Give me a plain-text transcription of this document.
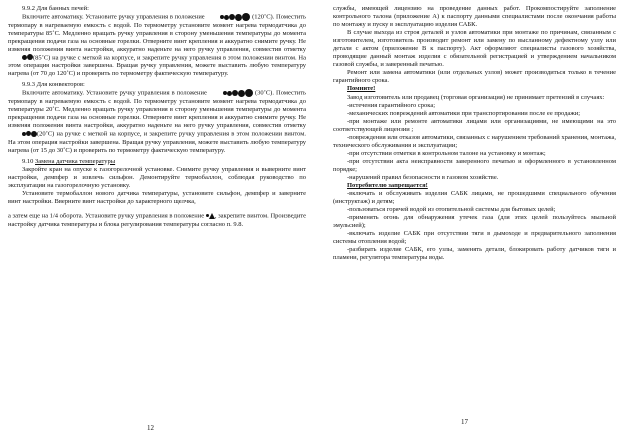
9.9.2 Для банных печей:

Включите автоматику. Установите ручку управления в положение	(120˚С). Поместить термопару в нагреваемую емкость с водой. По термометру установите момент нагрева термодатчика до температуры 85˚С. Медленно вращать ручку управления в сторону уменьшения температуры до момента прекращения подачи газа на основные горелки. Отверните винт крепления и аккуратно снимите ручку. Не изменяя положения винта настройки, аккуратно наденьте на него ручку управления, совместив отметку (85˚С) на ручке с меткой на корпусе, и закрепите ручку управления в этом положении винтом. На этом операция настройки завершена. Вращая ручку управления, можете выставить любую температуру нагрева (от 70 до 120˚С) и проверить по термометру фактическую температуру.

9.9.3 Для конвекторов:

Включите автоматику. Установите ручку управления в положение	(30˚С). Поместить термопару в нагреваемую емкость с водой. По термометру установите момент нагрева термодатчика до температуры 20˚С. Медленно вращать ручку управления в сторону уменьшения температуры до момента прекращения подачи газа на основные горелки. Отверните винт крепления и аккуратно снимите ручку. Не изменяя положения винта настройки, аккуратно наденьте на него ручку управления, совместив отметку (20˚С) на ручке с меткой на корпусе, и закрепите ручку управления в этом положении винтом. На этом операция настройки завершена. Вращая ручку управления, можете выставить любую температуру нагрева (от 15 до 30˚С) и проверить по термометру фактическую температуру.

9.10 Замена датчика температуры

Закройте кран на опуске к газогорелочной установке. Снимите ручку управления и выверните винт настройки, демпфер и извлечь сильфон. Демонтируйте термобаллон, соблюдая руководство по эксплуатации на газогорелочную установку.

Установите термобаллон нового датчика температуры, установите сильфон, демпфер и заверните винт настройки. Вверните винт настройки до характерного щелчка,

а затем еще на 1/4 оборота. Установите ручку управления в положение , закрепите винтом. Произведите настройку датчика температуры и блока регулирования температуры согласно п. 9.8.

12

службы, имеющей лицензию на проведение данных работ. Прокомпостируйте заполнение контрольного талона (приложение А) к паспорту данными специалистами после окончания работы по монтажу и пуску в эксплуатацию изделия САБК.

В случае выхода из строя деталей и узлов автоматики при монтаже по причинам, связанным с изготовителем, изготовитель производит ремонт или замену по высланному дефектному узлу или детали с актом (приложение В к паспорту). Акт оформляют специалисты газового хозяйства, проводящие данный монтаж изделия с обязательной регистрацией и утверждением начальником газовой службы, и заверенный печатью.

Ремонт или замена автоматики (или отдельных узлов) может производиться только в течение гарантийного срока.

Помните!

Завод изготовитель или продавец (торговая организация) не принимает претензий в случаях:

-истечения гарантийного срока;

-механических повреждений автоматики при транспортировании после ее продажи;

-при монтаже или ремонте автоматики лицами или организациями, не имеющими на это соответствующей лицензии ;

-повреждения или отказов автоматики, связанных с нарушением требований хранения, монтажа, технического обслуживания и эксплуатации;

-при отсутствии отметки в контрольном талоне на установку и монтаж;

-при отсутствии акта неисправности заверенного печатью и оформленного в установленном порядке;

-нарушений правил безопасности в газовом хозяйстве.

Потребителю запрещается!

-включать и обслуживать изделия САБК лицами, не прошедшими специального обучения (инструктаж) и детям;

-пользоваться горячей водой из отопительной системы для бытовых целей;

-применять огонь для обнаружения утечек газа (для этих целей пользуйтесь мыльной эмульсией);

-включать изделие САБК при отсутствии тяги в дымоходе и предварительного заполнения системы отопления водой;

-разбирать изделие САБК, его узлы, заменять детали, блокировать работу датчиков тяги и пламени, регулятора температуры воды.

17
